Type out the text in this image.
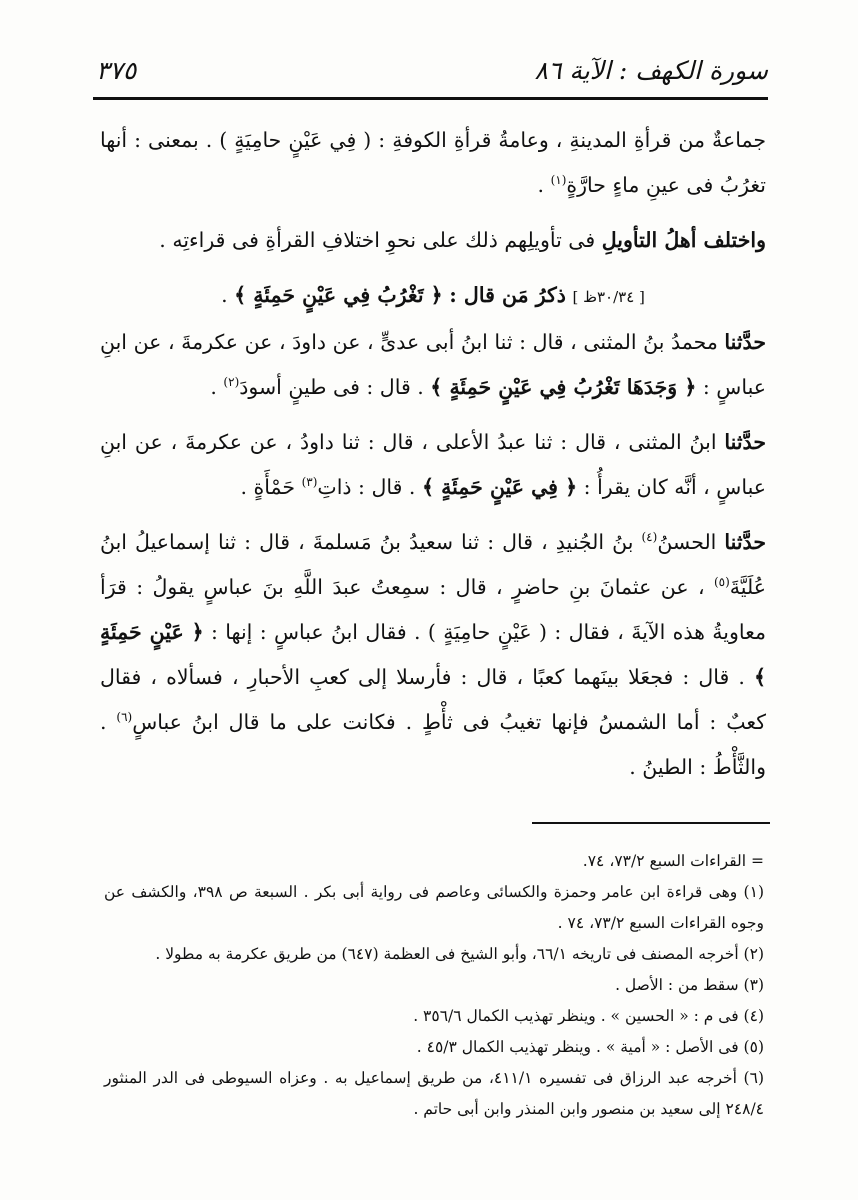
سورة الكهف : الآية ٨٦
٣٧٥

جماعةٌ من قرأةِ المدينةِ ، وعامةُ قرأةِ الكوفةِ : ( فِي عَيْنٍ حامِيَةٍ ) . بمعنى : أنها تغرُبُ فى عينِ ماءٍ حارَّةٍ$^{(١)}$ .

واختلف أهلُ التأويلِ فى تأويلِهم ذلك على نحوِ اختلافِ القرأةِ فى قراءتِه .

[ ٣٠/٣٤ظ ] ذكرُ مَن قال : ﴿ تَغْرُبُ فِي عَيْنٍ حَمِئَةٍ ﴾ .

حدَّثنا محمدُ بنُ المثنى ، قال : ثنا ابنُ أبى عدىٍّ ، عن داودَ ، عن عكرمةَ ، عن ابنِ عباسٍ : ﴿ وَجَدَهَا تَغْرُبُ فِي عَيْنٍ حَمِئَةٍ ﴾ . قال : فى طينٍ أسودَ$^{(٢)}$ .

حدَّثنا ابنُ المثنى ، قال : ثنا عبدُ الأعلى ، قال : ثنا داودُ ، عن عكرمةَ ، عن ابنِ عباسٍ ، أنَّه كان يقرأُ : ﴿ فِي عَيْنٍ حَمِئَةٍ ﴾ . قال : ذاتِ$^{(٣)}$ حَمْأَةٍ .

حدَّثنا الحسنُ$^{(٤)}$ بنُ الجُنيدِ ، قال : ثنا سعيدُ بنُ مَسلمةَ ، قال : ثنا إسماعيلُ ابنُ عُلَيَّةَ$^{(٥)}$ ، عن عثمانَ بنِ حاضرٍ ، قال : سمِعتُ عبدَ اللَّهِ بنَ عباسٍ يقولُ : قرَأ معاويةُ هذه الآيةَ ، فقال : ( عَيْنٍ حامِيَةٍ ) . فقال ابنُ عباسٍ : إنها : ﴿ عَيْنٍ حَمِئَةٍ ﴾ . قال : فجعَلا بينَهما كعبًا ، قال : فأرسلا إلى كعبِ الأحبارِ ، فسألاه ، فقال كعبٌ : أما الشمسُ فإنها تغيبُ فى ثأْطٍ . فكانت على ما قال ابنُ عباسٍ$^{(٦)}$ . والثَّأْطُ : الطينُ .

= القراءات السبع ٧٣/٢، ٧٤.

(١) وهى قراءة ابن عامر وحمزة والكسائى وعاصم فى رواية أبى بكر . السبعة ص ٣٩٨، والكشف عن وجوه القراءات السبع ٧٣/٢، ٧٤ .

(٢) أخرجه المصنف فى تاريخه ٦٦/١، وأبو الشيخ فى العظمة (٦٤٧) من طريق عكرمة به مطولا .

(٣) سقط من : الأصل .

(٤) فى م : « الحسين » . وينظر تهذيب الكمال ٣٥٦/٦ .

(٥) فى الأصل : « أمية » . وينظر تهذيب الكمال ٤٥/٣ .

(٦) أخرجه عبد الرزاق فى تفسيره ٤١١/١، من طريق إسماعيل به . وعزاه السيوطى فى الدر المنثور ٢٤٨/٤ إلى سعيد بن منصور وابن المنذر وابن أبى حاتم .
